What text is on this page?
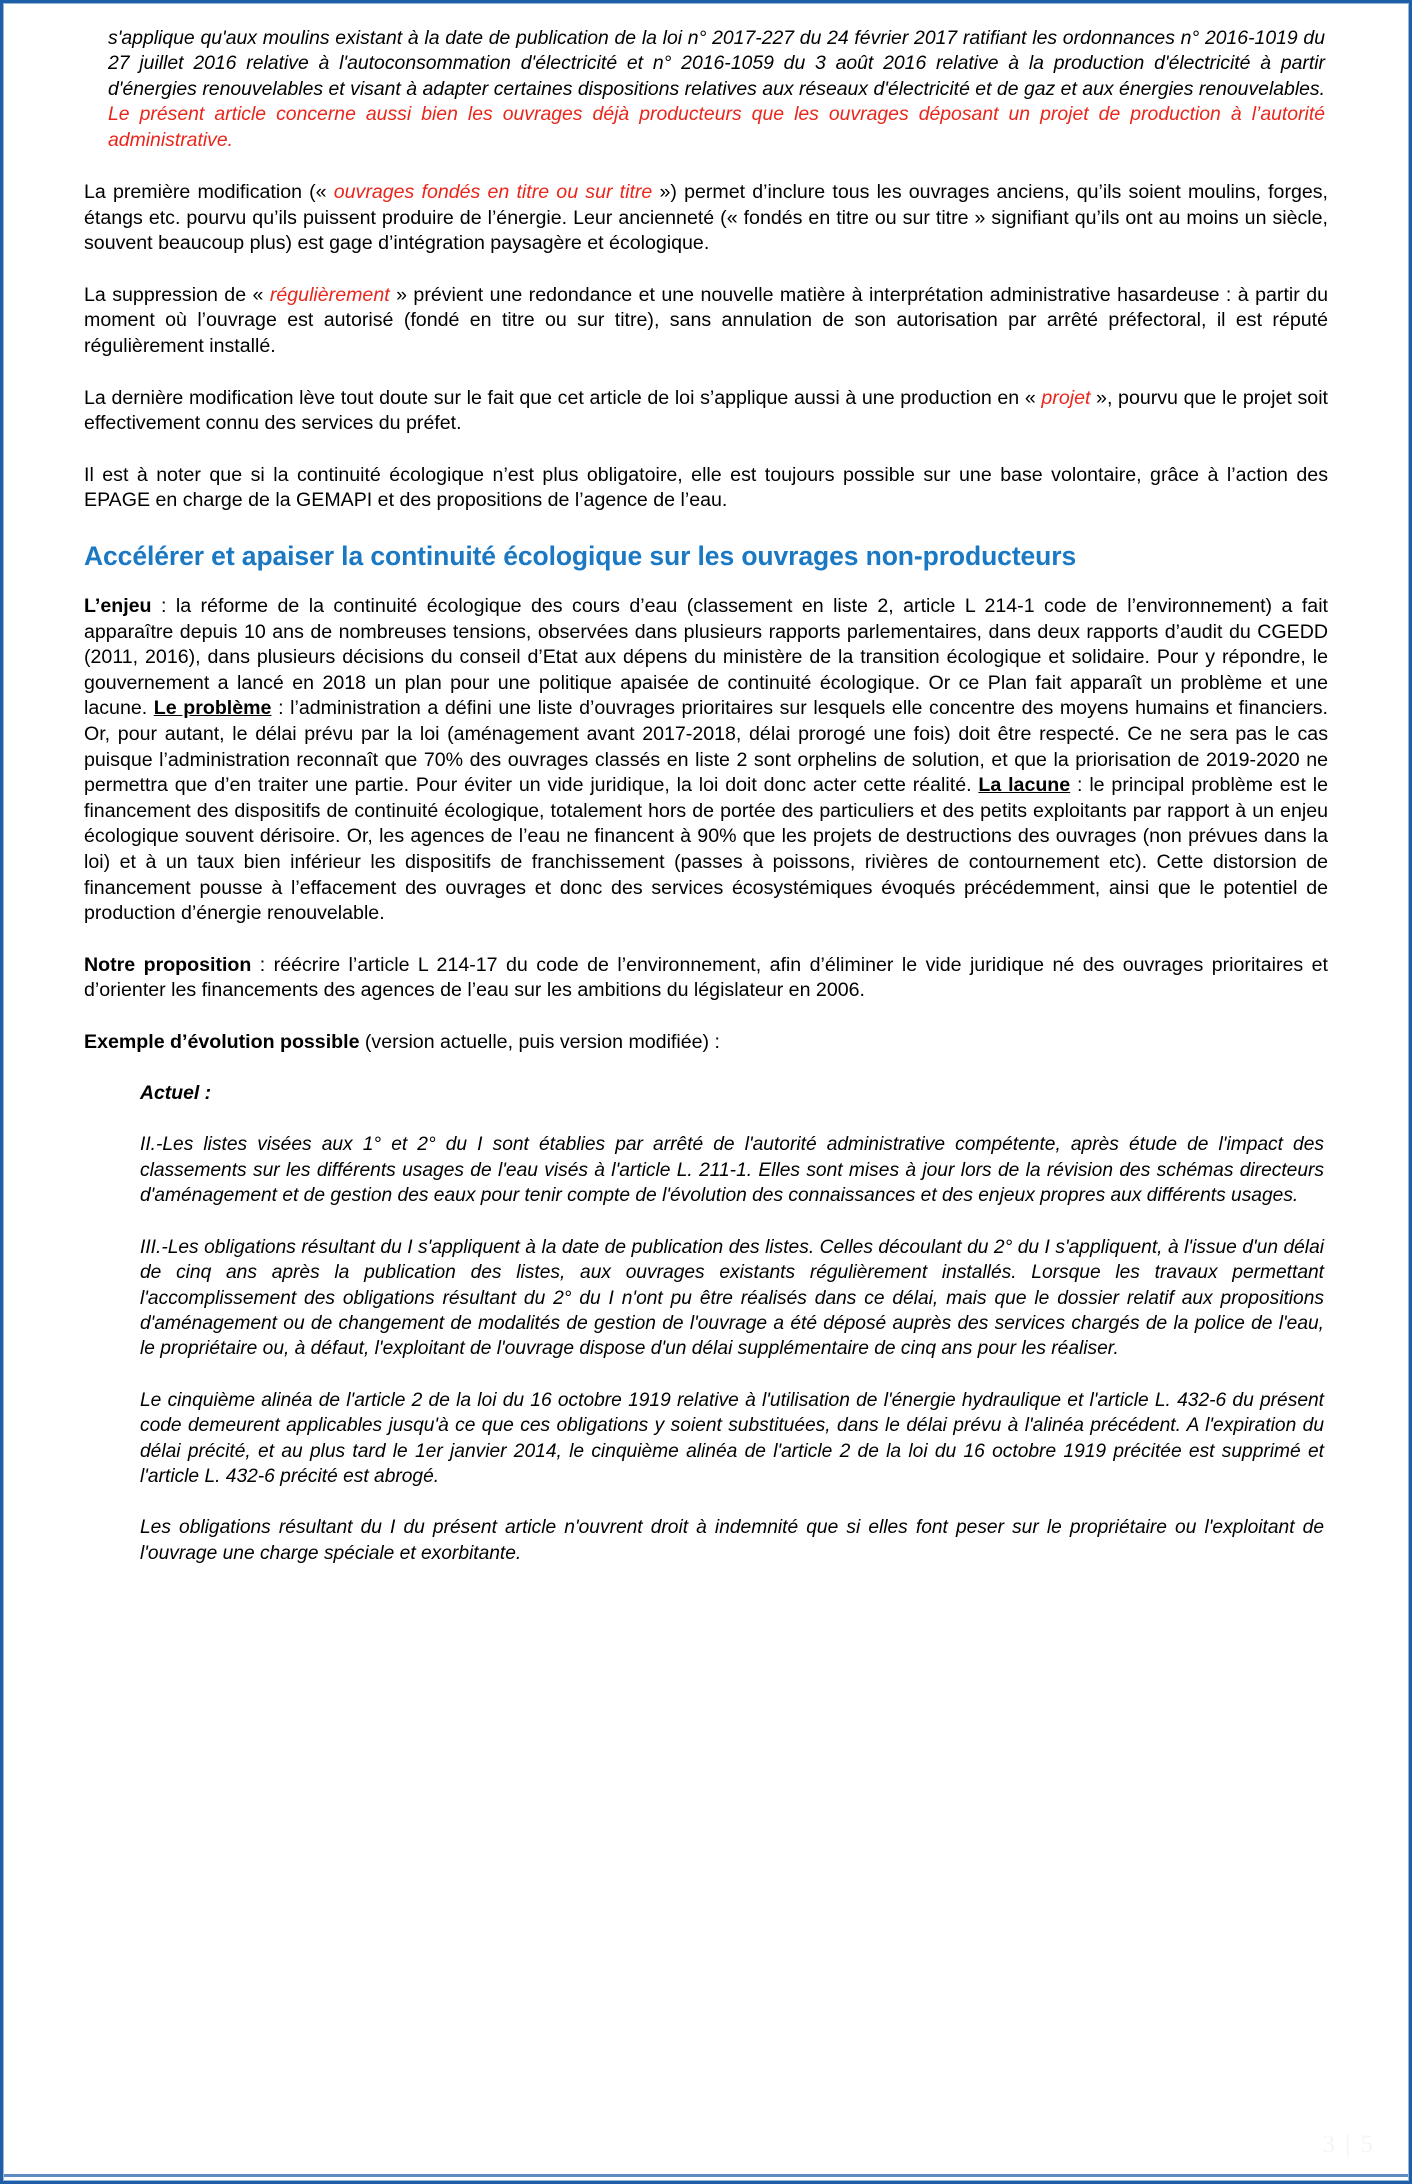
s'applique qu'aux moulins existant à la date de publication de la loi n° 2017-227 du 24 février 2017 ratifiant les ordonnances n° 2016-1019 du 27 juillet 2016 relative à l'autoconsommation d'électricité et n° 2016-1059 du 3 août 2016 relative à la production d'électricité à partir d'énergies renouvelables et visant à adapter certaines dispositions relatives aux réseaux d'électricité et de gaz et aux énergies renouvelables. Le présent article concerne aussi bien les ouvrages déjà producteurs que les ouvrages déposant un projet de production à l’autorité administrative.

La première modification (« ouvrages fondés en titre ou sur titre ») permet d’inclure tous les ouvrages anciens, qu’ils soient moulins, forges, étangs etc. pourvu qu’ils puissent produire de l’énergie. Leur ancienneté (« fondés en titre ou sur titre » signifiant qu’ils ont au moins un siècle, souvent beaucoup plus) est gage d’intégration paysagère et écologique.

La suppression de « régulièrement » prévient une redondance et une nouvelle matière à interprétation administrative hasardeuse : à partir du moment où l’ouvrage est autorisé (fondé en titre ou sur titre), sans annulation de son autorisation par arrêté préfectoral, il est réputé régulièrement installé.

La dernière modification lève tout doute sur le fait que cet article de loi s’applique aussi à une production en « projet », pourvu que le projet soit effectivement connu des services du préfet.

Il est à noter que si la continuité écologique n’est plus obligatoire, elle est toujours possible sur une base volontaire, grâce à l’action des EPAGE en charge de la GEMAPI et des propositions de l’agence de l’eau.

Accélérer et apaiser la continuité écologique sur les ouvrages non-producteurs

L’enjeu : la réforme de la continuité écologique des cours d’eau (classement en liste 2, article L 214-1 code de l’environnement) a fait apparaître depuis 10 ans de nombreuses tensions, observées dans plusieurs rapports parlementaires, dans deux rapports d’audit du CGEDD (2011, 2016), dans plusieurs décisions du conseil d’Etat aux dépens du ministère de la transition écologique et solidaire. Pour y répondre, le gouvernement a lancé en 2018 un plan pour une politique apaisée de continuité écologique. Or ce Plan fait apparaît un problème et une lacune. Le problème : l’administration a défini une liste d’ouvrages prioritaires sur lesquels elle concentre des moyens humains et financiers. Or, pour autant, le délai prévu par la loi (aménagement avant 2017-2018, délai prorogé une fois) doit être respecté. Ce ne sera pas le cas puisque l’administration reconnaît que 70% des ouvrages classés en liste 2 sont orphelins de solution, et que la priorisation de 2019-2020 ne permettra que d’en traiter une partie. Pour éviter un vide juridique, la loi doit donc acter cette réalité. La lacune : le principal problème est le financement des dispositifs de continuité écologique, totalement hors de portée des particuliers et des petits exploitants par rapport à un enjeu écologique souvent dérisoire. Or, les agences de l’eau ne financent à 90% que les projets de destructions des ouvrages (non prévues dans la loi) et à un taux bien inférieur les dispositifs de franchissement (passes à poissons, rivières de contournement etc). Cette distorsion de financement pousse à l’effacement des ouvrages et donc des services écosystémiques évoqués précédemment, ainsi que le potentiel de production d’énergie renouvelable.

Notre proposition : réécrire l’article L 214-17 du code de l’environnement, afin d’éliminer le vide juridique né des ouvrages prioritaires et d’orienter les financements des agences de l’eau sur les ambitions du législateur en 2006.

Exemple d’évolution possible (version actuelle, puis version modifiée) :

Actuel :

II.-Les listes visées aux 1° et 2° du I sont établies par arrêté de l'autorité administrative compétente, après étude de l'impact des classements sur les différents usages de l'eau visés à l'article L. 211-1. Elles sont mises à jour lors de la révision des schémas directeurs d'aménagement et de gestion des eaux pour tenir compte de l'évolution des connaissances et des enjeux propres aux différents usages.

III.-Les obligations résultant du I s'appliquent à la date de publication des listes. Celles découlant du 2° du I s'appliquent, à l'issue d'un délai de cinq ans après la publication des listes, aux ouvrages existants régulièrement installés. Lorsque les travaux permettant l'accomplissement des obligations résultant du 2° du I n'ont pu être réalisés dans ce délai, mais que le dossier relatif aux propositions d'aménagement ou de changement de modalités de gestion de l'ouvrage a été déposé auprès des services chargés de la police de l'eau, le propriétaire ou, à défaut, l'exploitant de l'ouvrage dispose d'un délai supplémentaire de cinq ans pour les réaliser.

Le cinquième alinéa de l'article 2 de la loi du 16 octobre 1919 relative à l'utilisation de l'énergie hydraulique et l'article L. 432-6 du présent code demeurent applicables jusqu'à ce que ces obligations y soient substituées, dans le délai prévu à l'alinéa précédent. A l'expiration du délai précité, et au plus tard le 1er janvier 2014, le cinquième alinéa de l'article 2 de la loi du 16 octobre 1919 précitée est supprimé et l'article L. 432-6 précité est abrogé.

Les obligations résultant du I du présent article n'ouvrent droit à indemnité que si elles font peser sur le propriétaire ou l'exploitant de l'ouvrage une charge spéciale et exorbitante.

3 | 5
